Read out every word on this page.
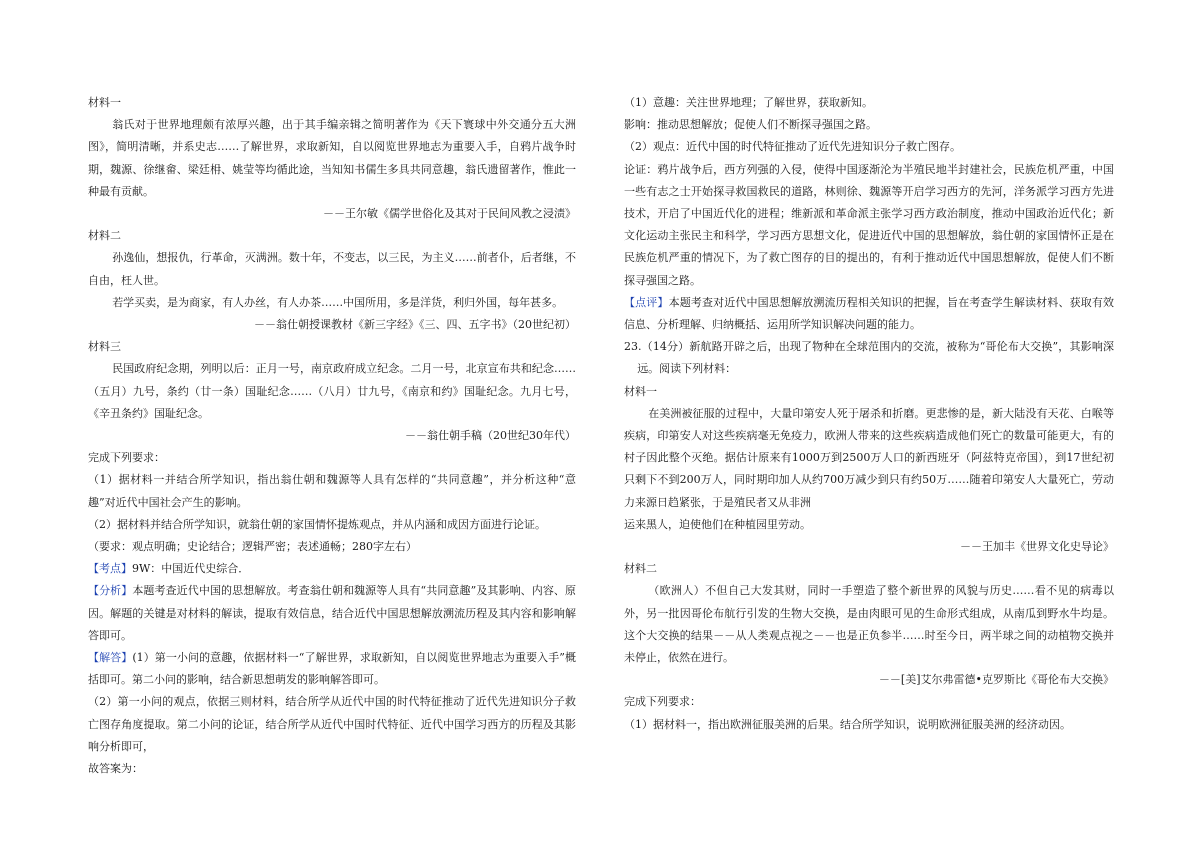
材料一

翁氏对于世界地理颇有浓厚兴趣，出于其手编亲辑之简明著作为《天下寰球中外交通分五大洲图》，简明清晰，并系史志……了解世界，求取新知，自以阅览世界地志为重要入手，自鸦片战争时期，魏源、徐继畲、梁廷枏、姚莹等均循此途，当知知书儒生多具共同意趣，翁氏遗留著作，惟此一种最有贡献。

－－王尔敏《儒学世俗化及其对于民间风教之浸渍》

材料二

孙逸仙，想报仇，行革命，灭满洲。数十年，不变志，以三民，为主义……前者仆，后者继，不自由，枉人世。

若学买卖，是为商家，有人办丝，有人办茶……中国所用，多是洋货，利归外国，每年甚多。

－－翁仕朝授课教材《新三字经》《三、四、五字书》（20世纪初）

材料三

民国政府纪念期，列明以后：正月一号，南京政府成立纪念。二月一号，北京宣布共和纪念……（五月）九号，条约（廿一条）国耻纪念……（八月）廿九号，《南京和约》国耻纪念。九月七号，《辛丑条约》国耻纪念。

－－翁仕朝手稿（20世纪30年代）

完成下列要求：

（1）据材料一并结合所学知识，指出翁仕朝和魏源等人具有怎样的“共同意趣”，并分析这种“意趣”对近代中国社会产生的影响。

（2）据材料并结合所学知识，就翁仕朝的家国情怀提炼观点，并从内涵和成因方面进行论证。

（要求：观点明确；史论结合；逻辑严密；表述通畅；280字左右）

【考点】9W：中国近代史综合．

【分析】本题考查近代中国的思想解放。考查翁仕朝和魏源等人具有“共同意趣”及其影响、内容、原因。解题的关键是对材料的解读，提取有效信息，结合近代中国思想解放溯流历程及其内容和影响解答即可。

【解答】(1）第一小问的意趣，依据材料一“了解世界，求取新知，自以阅览世界地志为重要入手”概括即可。第二小问的影响，结合新思想萌发的影响解答即可。

（2）第一小问的观点，依据三则材料，结合所学从近代中国的时代特征推动了近代先进知识分子救亡图存角度提取。第二小问的论证，结合所学从近代中国时代特征、近代中国学习西方的历程及其影响分析即可，

故答案为：

（1）意趣：关注世界地理；了解世界，获取新知。

影响：推动思想解放；促使人们不断探寻强国之路。

（2）观点：近代中国的时代特征推动了近代先进知识分子救亡图存。

论证：鸦片战争后，西方列强的入侵，使得中国逐渐沦为半殖民地半封建社会，民族危机严重，中国一些有志之士开始探寻救国救民的道路，林则徐、魏源等开启学习西方的先河，洋务派学习西方先进技术，开启了中国近代化的进程；维新派和革命派主张学习西方政治制度，推动中国政治近代化；新文化运动主张民主和科学，学习西方思想文化，促进近代中国的思想解放，翁仕朝的家国情怀正是在民族危机严重的情况下，为了救亡图存的目的提出的，有利于推动近代中国思想解放，促使人们不断探寻强国之路。

【点评】本题考查对近代中国思想解放溯流历程相关知识的把握，旨在考查学生解读材料、获取有效信息、分析理解、归纳概括、运用所学知识解决问题的能力。

23.（14分）新航路开辟之后，出现了物种在全球范围内的交流，被称为“哥伦布大交换”，其影响深远。阅读下列材料：

材料一

在美洲被征服的过程中，大量印第安人死于屠杀和折磨。更悲惨的是，新大陆没有天花、白喉等疾病，印第安人对这些疾病毫无免疫力，欧洲人带来的这些疾病造成他们死亡的数量可能更大，有的村子因此整个灭绝。据估计原来有1000万到2500万人口的新西班牙（阿兹特克帝国），到17世纪初只剩下不到200万人，同时期印加人从约700万减少到只有约50万……随着印第安人大量死亡，劳动力来源日趋紧张，于是殖民者又从非洲

运来黑人，迫使他们在种植园里劳动。

－－王加丰《世界文化史导论》

材料二

（欧洲人）不但自己大发其财，同时一手塑造了整个新世界的风貌与历史……看不见的病毒以外，另一批因哥伦布航行引发的生物大交换，是由肉眼可见的生命形式组成，从南瓜到野水牛均是。这个大交换的结果－－从人类观点视之－－也是正负参半……时至今日，两半球之间的动植物交换并未停止，依然在进行。

－－[美]艾尔弗雷德•克罗斯比《哥伦布大交换》

完成下列要求：

（1）据材料一，指出欧洲征服美洲的后果。结合所学知识，说明欧洲征服美洲的经济动因。
